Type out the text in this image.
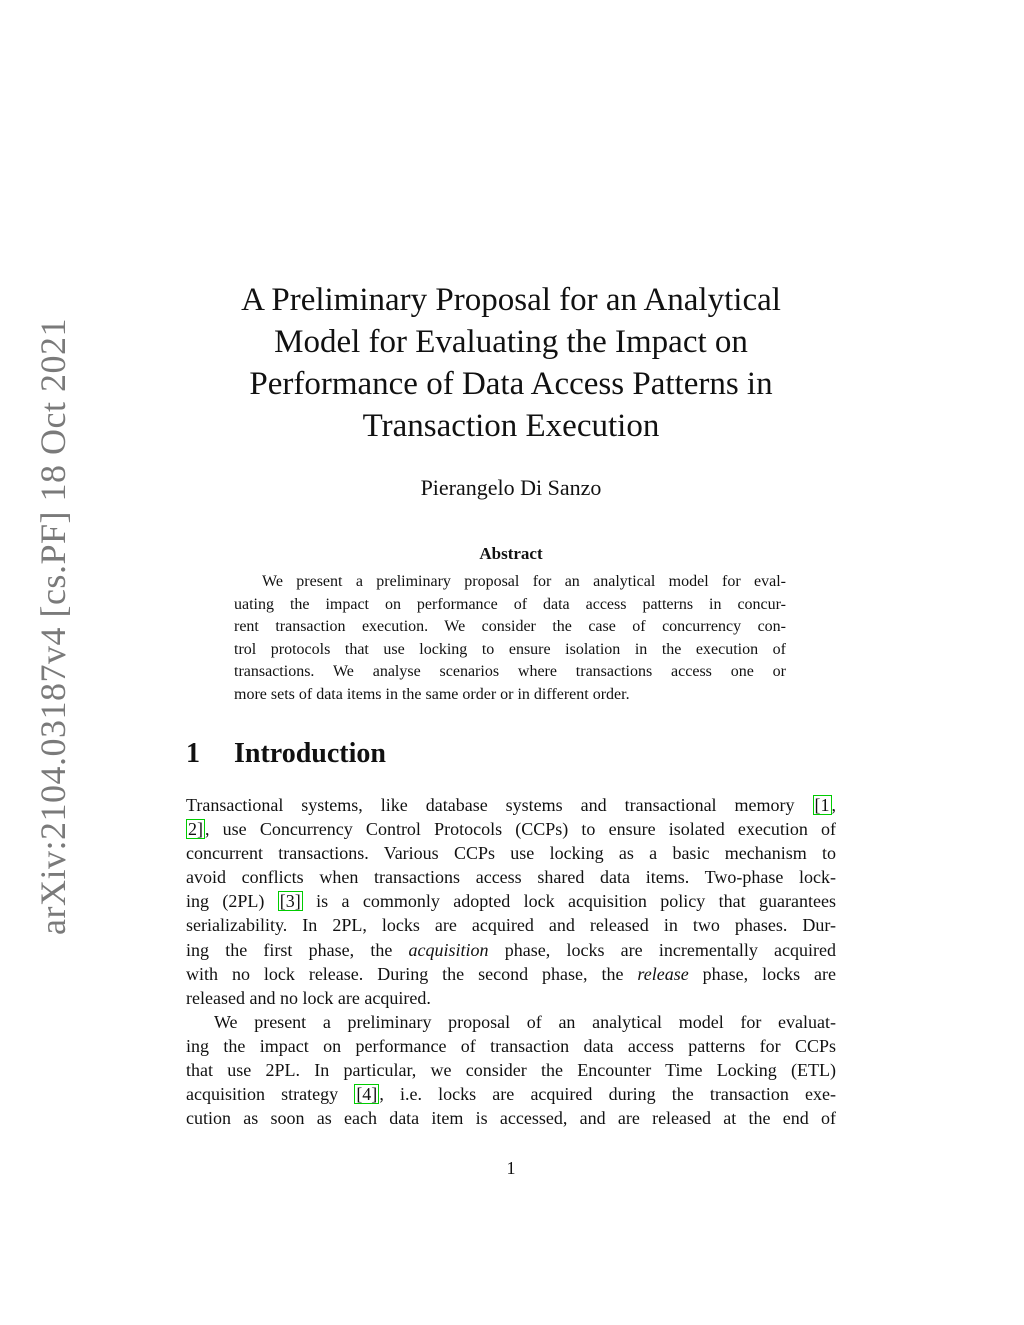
arXiv:2104.03187v4 [cs.PF] 18 Oct 2021
A Preliminary Proposal for an Analytical
Model for Evaluating the Impact on
Performance of Data Access Patterns in
Transaction Execution
Pierangelo Di Sanzo
Abstract
We present a preliminary proposal for an analytical model for eval-
uating the impact on performance of data access patterns in concur-
rent transaction execution. We consider the case of concurrency con-
trol protocols that use locking to ensure isolation in the execution of
transactions. We analyse scenarios where transactions access one or
more sets of data items in the same order or in different order.
1 Introduction
Transactional systems, like database systems and transactional memory [1 ,
2] , use Concurrency Control Protocols (CCPs) to ensure isolated execution of
concurrent transactions. Various CCPs use locking as a basic mechanism to
avoid conflicts when transactions access shared data items. Two-phase lock-
ing (2PL) [3] is a commonly adopted lock acquisition policy that guarantees
serializability. In 2PL, locks are acquired and released in two phases. Dur-
ing the first phase, the acquisition phase, locks are incrementally acquired
with no lock release. During the second phase, the release phase, locks are
released and no lock are acquired.
We present a preliminary proposal of an analytical model for evaluat-
ing the impact on performance of transaction data access patterns for CCPs
that use 2PL. In particular, we consider the Encounter Time Locking (ETL)
acquisition strategy [4] , i.e. locks are acquired during the transaction exe-
cution as soon as each data item is accessed, and are released at the end of
1
